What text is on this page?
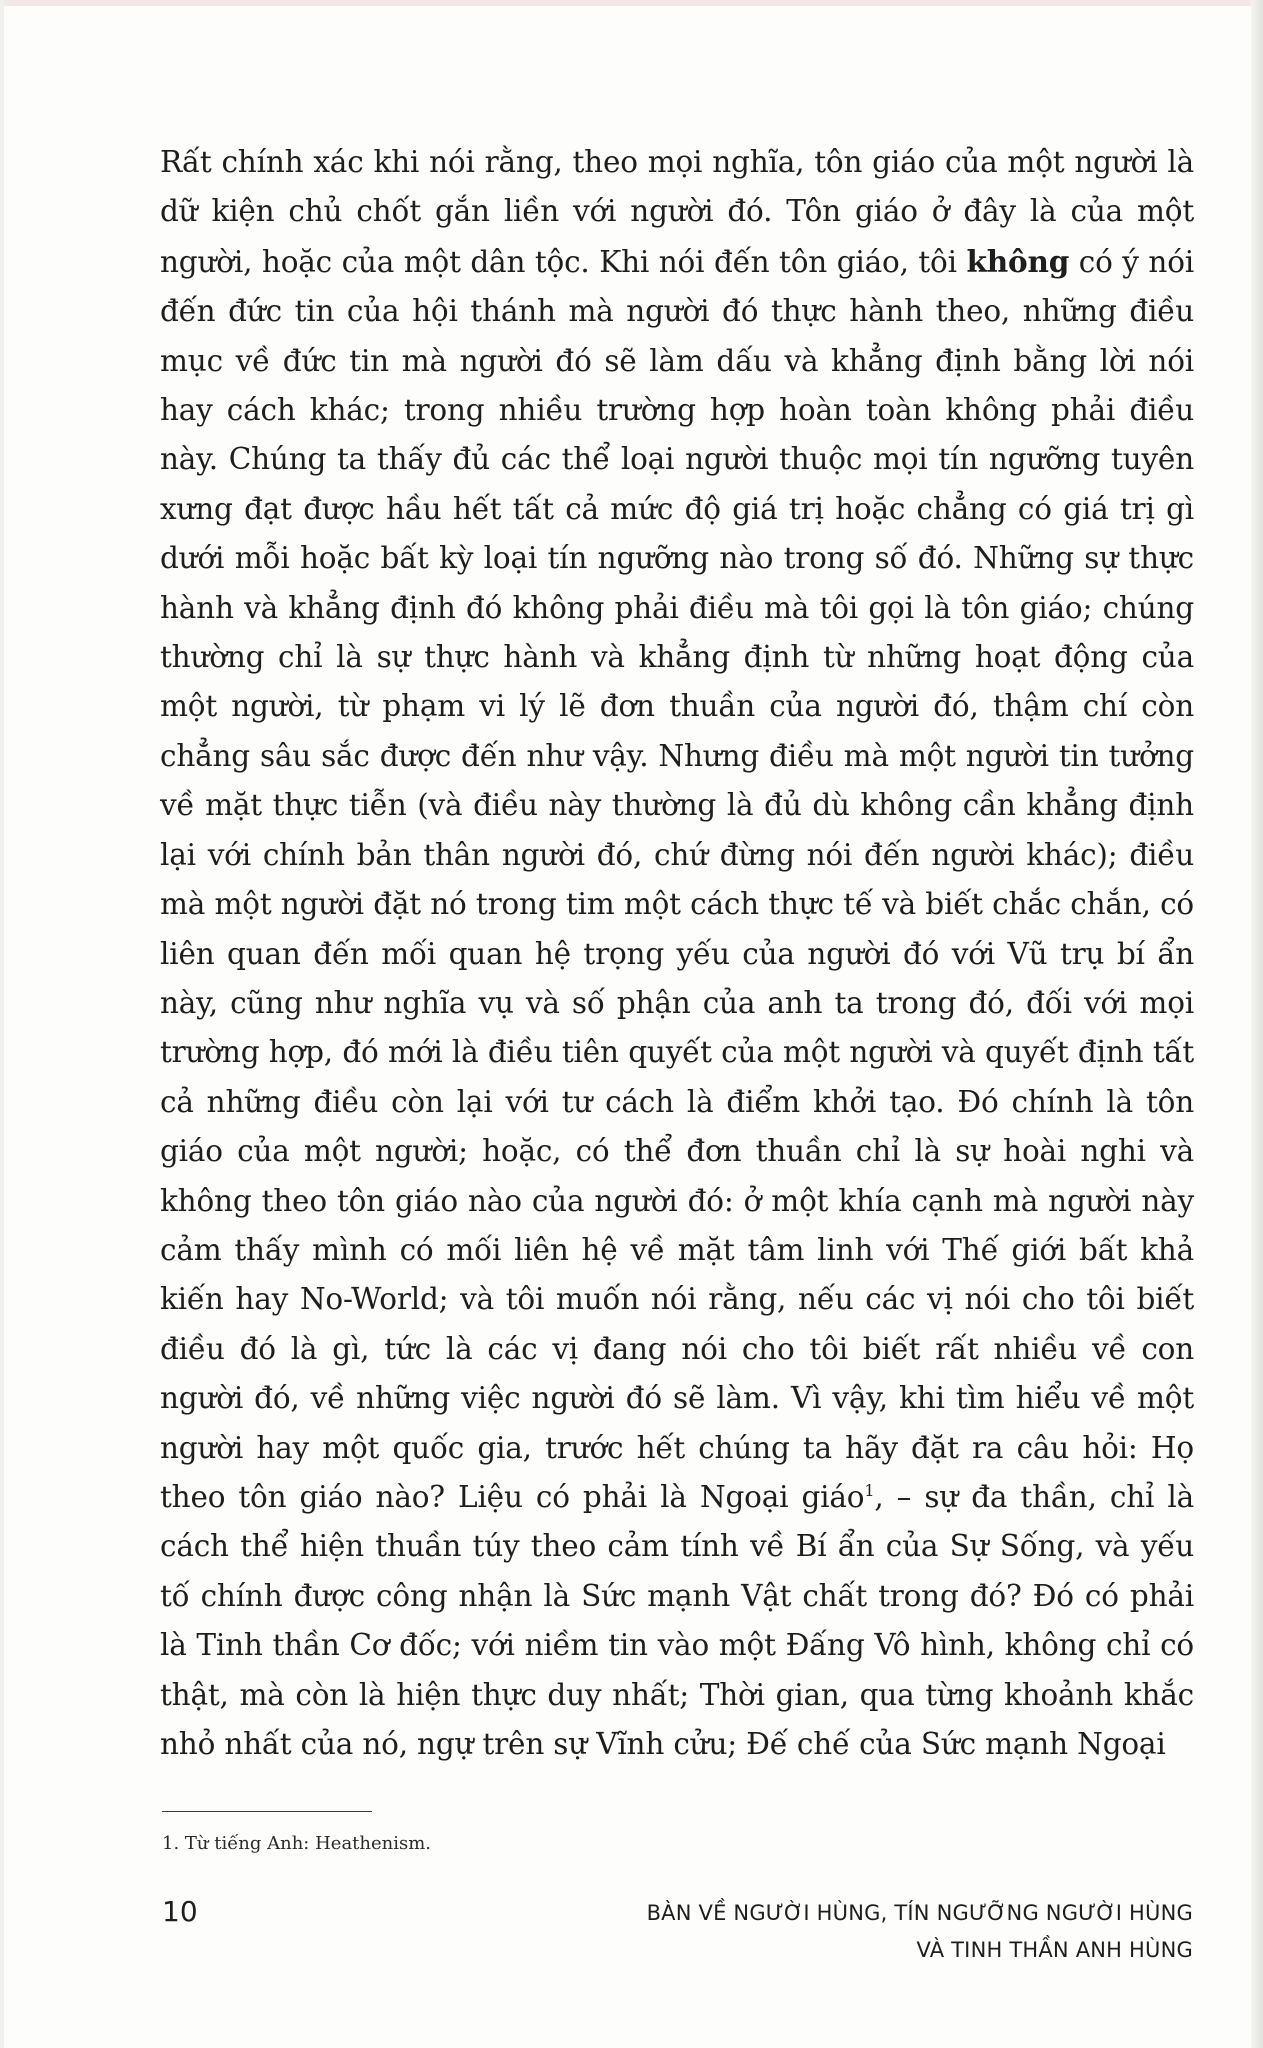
Rất chính xác khi nói rằng, theo mọi nghĩa, tôn giáo của một người là dữ kiện chủ chốt gắn liền với người đó. Tôn giáo ở đây là của một người, hoặc của một dân tộc. Khi nói đến tôn giáo, tôi không có ý nói đến đức tin của hội thánh mà người đó thực hành theo, những điều mục về đức tin mà người đó sẽ làm dấu và khẳng định bằng lời nói hay cách khác; trong nhiều trường hợp hoàn toàn không phải điều này. Chúng ta thấy đủ các thể loại người thuộc mọi tín ngưỡng tuyên xưng đạt được hầu hết tất cả mức độ giá trị hoặc chẳng có giá trị gì dưới mỗi hoặc bất kỳ loại tín ngưỡng nào trong số đó. Những sự thực hành và khẳng định đó không phải điều mà tôi gọi là tôn giáo; chúng thường chỉ là sự thực hành và khẳng định từ những hoạt động của một người, từ phạm vi lý lẽ đơn thuần của người đó, thậm chí còn chẳng sâu sắc được đến như vậy. Nhưng điều mà một người tin tưởng về mặt thực tiễn (và điều này thường là đủ dù không cần khẳng định lại với chính bản thân người đó, chứ đừng nói đến người khác); điều mà một người đặt nó trong tim một cách thực tế và biết chắc chắn, có liên quan đến mối quan hệ trọng yếu của người đó với Vũ trụ bí ẩn này, cũng như nghĩa vụ và số phận của anh ta trong đó, đối với mọi trường hợp, đó mới là điều tiên quyết của một người và quyết định tất cả những điều còn lại với tư cách là điểm khởi tạo. Đó chính là tôn giáo của một người; hoặc, có thể đơn thuần chỉ là sự hoài nghi và không theo tôn giáo nào của người đó: ở một khía cạnh mà người này cảm thấy mình có mối liên hệ về mặt tâm linh với Thế giới bất khả kiến hay No-World; và tôi muốn nói rằng, nếu các vị nói cho tôi biết điều đó là gì, tức là các vị đang nói cho tôi biết rất nhiều về con người đó, về những việc người đó sẽ làm. Vì vậy, khi tìm hiểu về một người hay một quốc gia, trước hết chúng ta hãy đặt ra câu hỏi: Họ theo tôn giáo nào? Liệu có phải là Ngoại giáo$^1$, – sự đa thần, chỉ là cách thể hiện thuần túy theo cảm tính về Bí ẩn của Sự Sống, và yếu tố chính được công nhận là Sức mạnh Vật chất trong đó? Đó có phải là Tinh thần Cơ đốc; với niềm tin vào một Đấng Vô hình, không chỉ có thật, mà còn là hiện thực duy nhất; Thời gian, qua từng khoảnh khắc nhỏ nhất của nó, ngự trên sự Vĩnh cửu; Đế chế của Sức mạnh Ngoại

1. Từ tiếng Anh: Heathenism.
10	BÀN VỀ NGƯỜI HÙNG, TÍN NGƯỠNG NGƯỜI HÙNG
VÀ TINH THẦN ANH HÙNG
